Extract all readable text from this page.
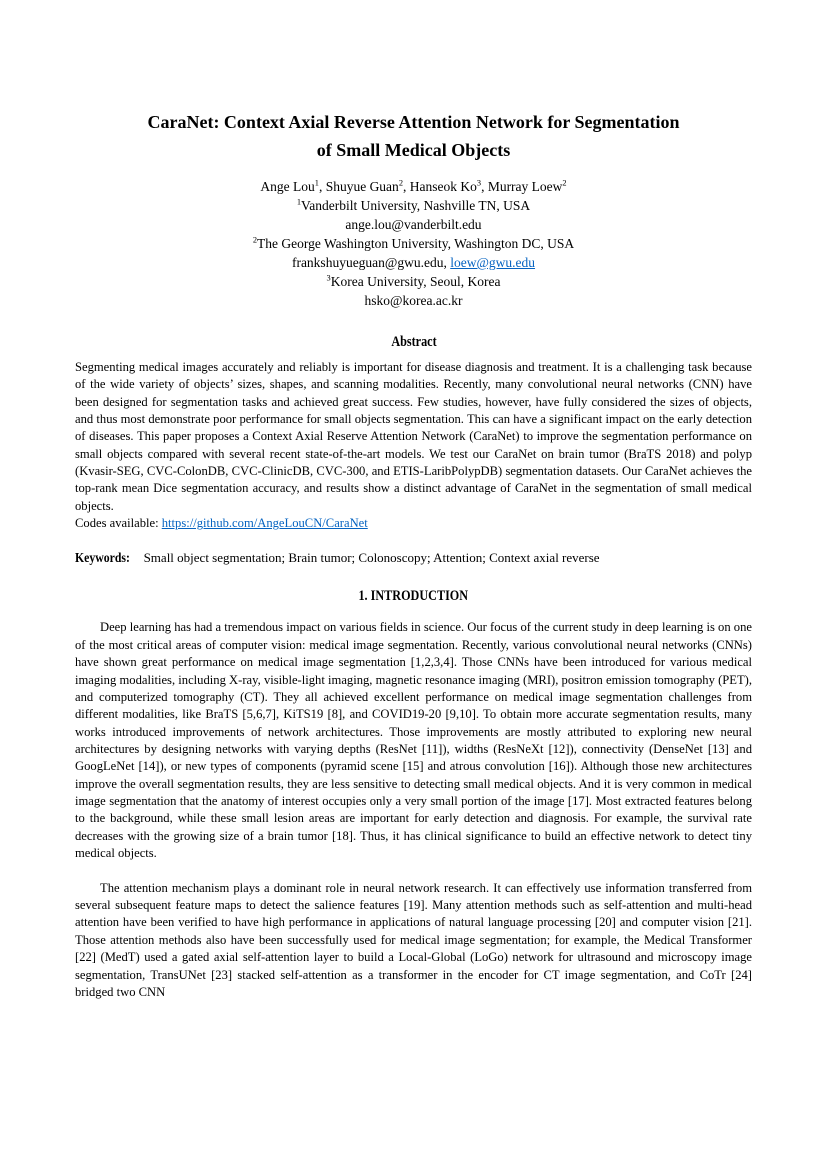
CaraNet: Context Axial Reverse Attention Network for Segmentation
of Small Medical Objects
Ange Lou$^1$, Shuyue Guan$^2$, Hanseok Ko$^3$, Murray Loew$^2$
$^1$Vanderbilt University, Nashville TN, USA
ange.lou@vanderbilt.edu
$^2$The George Washington University, Washington DC, USA
frankshuyueguan@gwu.edu, loew@gwu.edu
$^3$Korea University, Seoul, Korea
hsko@korea.ac.kr
Abstract
Segmenting medical images accurately and reliably is important for disease diagnosis and treatment. It is a challenging task because of the wide variety of objects’ sizes, shapes, and scanning modalities. Recently, many convolutional neural networks (CNN) have been designed for segmentation tasks and achieved great success. Few studies, however, have fully considered the sizes of objects, and thus most demonstrate poor performance for small objects segmentation. This can have a significant impact on the early detection of diseases. This paper proposes a Context Axial Reserve Attention Network (CaraNet) to improve the segmentation performance on small objects compared with several recent state-of-the-art models. We test our CaraNet on brain tumor (BraTS 2018) and polyp (Kvasir-SEG, CVC-ColonDB, CVC-ClinicDB, CVC-300, and ETIS-LaribPolypDB) segmentation datasets. Our CaraNet achieves the top-rank mean Dice segmentation accuracy, and results show a distinct advantage of CaraNet in the segmentation of small medical objects.
Codes available: https://github.com/AngeLouCN/CaraNet
Keywords: Small object segmentation; Brain tumor; Colonoscopy; Attention; Context axial reverse
1. INTRODUCTION
Deep learning has had a tremendous impact on various fields in science. Our focus of the current study in deep learning is on one of the most critical areas of computer vision: medical image segmentation. Recently, various convolutional neural networks (CNNs) have shown great performance on medical image segmentation [1,2,3,4]. Those CNNs have been introduced for various medical imaging modalities, including X-ray, visible-light imaging, magnetic resonance imaging (MRI), positron emission tomography (PET), and computerized tomography (CT). They all achieved excellent performance on medical image segmentation challenges from different modalities, like BraTS [5,6,7], KiTS19 [8], and COVID19-20 [9,10]. To obtain more accurate segmentation results, many works introduced improvements of network architectures. Those improvements are mostly attributed to exploring new neural architectures by designing networks with varying depths (ResNet [11]), widths (ResNeXt [12]), connectivity (DenseNet [13] and GoogLeNet [14]), or new types of components (pyramid scene [15] and atrous convolution [16]). Although those new architectures improve the overall segmentation results, they are less sensitive to detecting small medical objects. And it is very common in medical image segmentation that the anatomy of interest occupies only a very small portion of the image [17]. Most extracted features belong to the background, while these small lesion areas are important for early detection and diagnosis. For example, the survival rate decreases with the growing size of a brain tumor [18]. Thus, it has clinical significance to build an effective network to detect tiny medical objects.
The attention mechanism plays a dominant role in neural network research. It can effectively use information transferred from several subsequent feature maps to detect the salience features [19]. Many attention methods such as self-attention and multi-head attention have been verified to have high performance in applications of natural language processing [20] and computer vision [21]. Those attention methods also have been successfully used for medical image segmentation; for example, the Medical Transformer [22] (MedT) used a gated axial self-attention layer to build a Local-Global (LoGo) network for ultrasound and microscopy image segmentation, TransUNet [23] stacked self-attention as a transformer in the encoder for CT image segmentation, and CoTr [24] bridged two CNN
